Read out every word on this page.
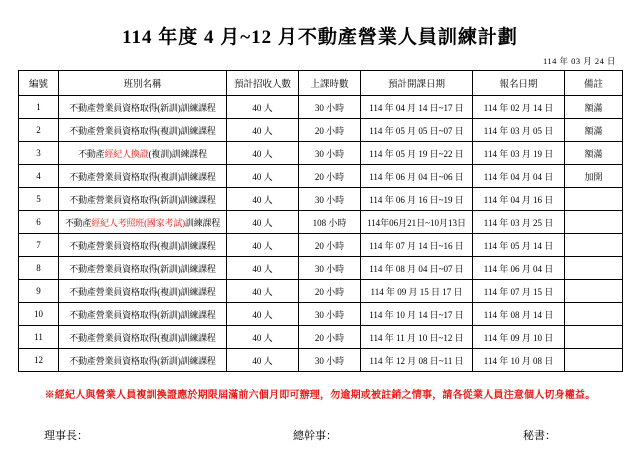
114 年度 4 月~12 月不動產營業人員訓練計劃
114 年 03 月 24 日
編號	班別名稱	預計招收人數	上課時數	預計開課日期	報名日期	備註
1	不動產營業員資格取得(新訓)訓練課程	40 人	30 小時	114 年 04 月 14 日~17 日	114 年 02 月 14 日	額滿
2	不動產營業員資格取得(複訓)訓練課程	40 人	20 小時	114 年 05 月 05 日~07 日	114 年 03 月 05 日	額滿
3	不動產經紀人換證(複訓)訓練課程	40 人	30 小時	114 年 05 月 19 日~22 日	114 年 03 月 19 日	額滿
4	不動產營業員資格取得(複訓)訓練課程	40 人	20 小時	114 年 06 月 04 日~06 日	114 年 04 月 04 日	加開
5	不動產營業員資格取得(新訓)訓練課程	40 人	30 小時	114 年 06 月 16 日~19 日	114 年 04 月 16 日	
6	不動產經紀人考照班(國家考試)訓練課程	40 人	108 小時	114年06月21日~10月13日	114 年 03 月 25 日	
7	不動產營業員資格取得(複訓)訓練課程	40 人	20 小時	114 年 07 月 14 日~16 日	114 年 05 月 14 日	
8	不動產營業員資格取得(新訓)訓練課程	40 人	30 小時	114 年 08 月 04 日~07 日	114 年 06 月 04 日	
9	不動產營業員資格取得(複訓)訓練課程	40 人	20 小時	114 年 09 月 15 日 17 日	114 年 07 月 15 日	
10	不動產營業員資格取得(新訓)訓練課程	40 人	30 小時	114 年 10 月 14 日~17 日	114 年 08 月 14 日	
11	不動產營業員資格取得(複訓)訓練課程	40 人	20 小時	114 年 11 月 10 日~12 日	114 年 09 月 10 日	
12	不動產營業員資格取得(新訓)訓練課程	40 人	30 小時	114 年 12 月 08 日~11 日	114 年 10 月 08 日	
※經紀人與營業人員複訓換證應於期限屆滿前六個月即可辦理，勿逾期或被註銷之情事，請各從業人員注意個人切身權益。
理事長：	總幹事：	秘書：
